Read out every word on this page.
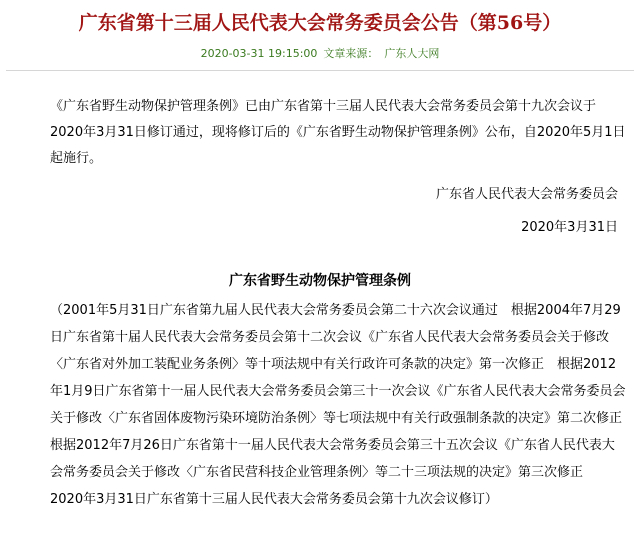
广东省第十三届人民代表大会常务委员会公告（第56号）
2020-03-31 19:15:00 文章来源： 广东人大网

《广东省野生动物保护管理条例》已由广东省第十三届人民代表大会常务委员会第十九次会议于2020年3月31日修订通过，现将修订后的《广东省野生动物保护管理条例》公布，自2020年5月1日起施行。

广东省人民代表大会常务委员会
2020年3月31日
广东省野生动物保护管理条例

（2001年5月31日广东省第九届人民代表大会常务委员会第二十六次会议通过　根据2004年7月29日广东省第十届人民代表大会常务委员会第十二次会议《广东省人民代表大会常务委员会关于修改〈广东省对外加工装配业务条例〉等十项法规中有关行政许可条款的决定》第一次修正　根据2012年1月9日广东省第十一届人民代表大会常务委员会第三十一次会议《广东省人民代表大会常务委员会关于修改〈广东省固体废物污染环境防治条例〉等七项法规中有关行政强制条款的决定》第二次修正　根据2012年7月26日广东省第十一届人民代表大会常务委员会第三十五次会议《广东省人民代表大会常务委员会关于修改〈广东省民营科技企业管理条例〉等二十三项法规的决定》第三次修正　2020年3月31日广东省第十三届人民代表大会常务委员会第十九次会议修订）
